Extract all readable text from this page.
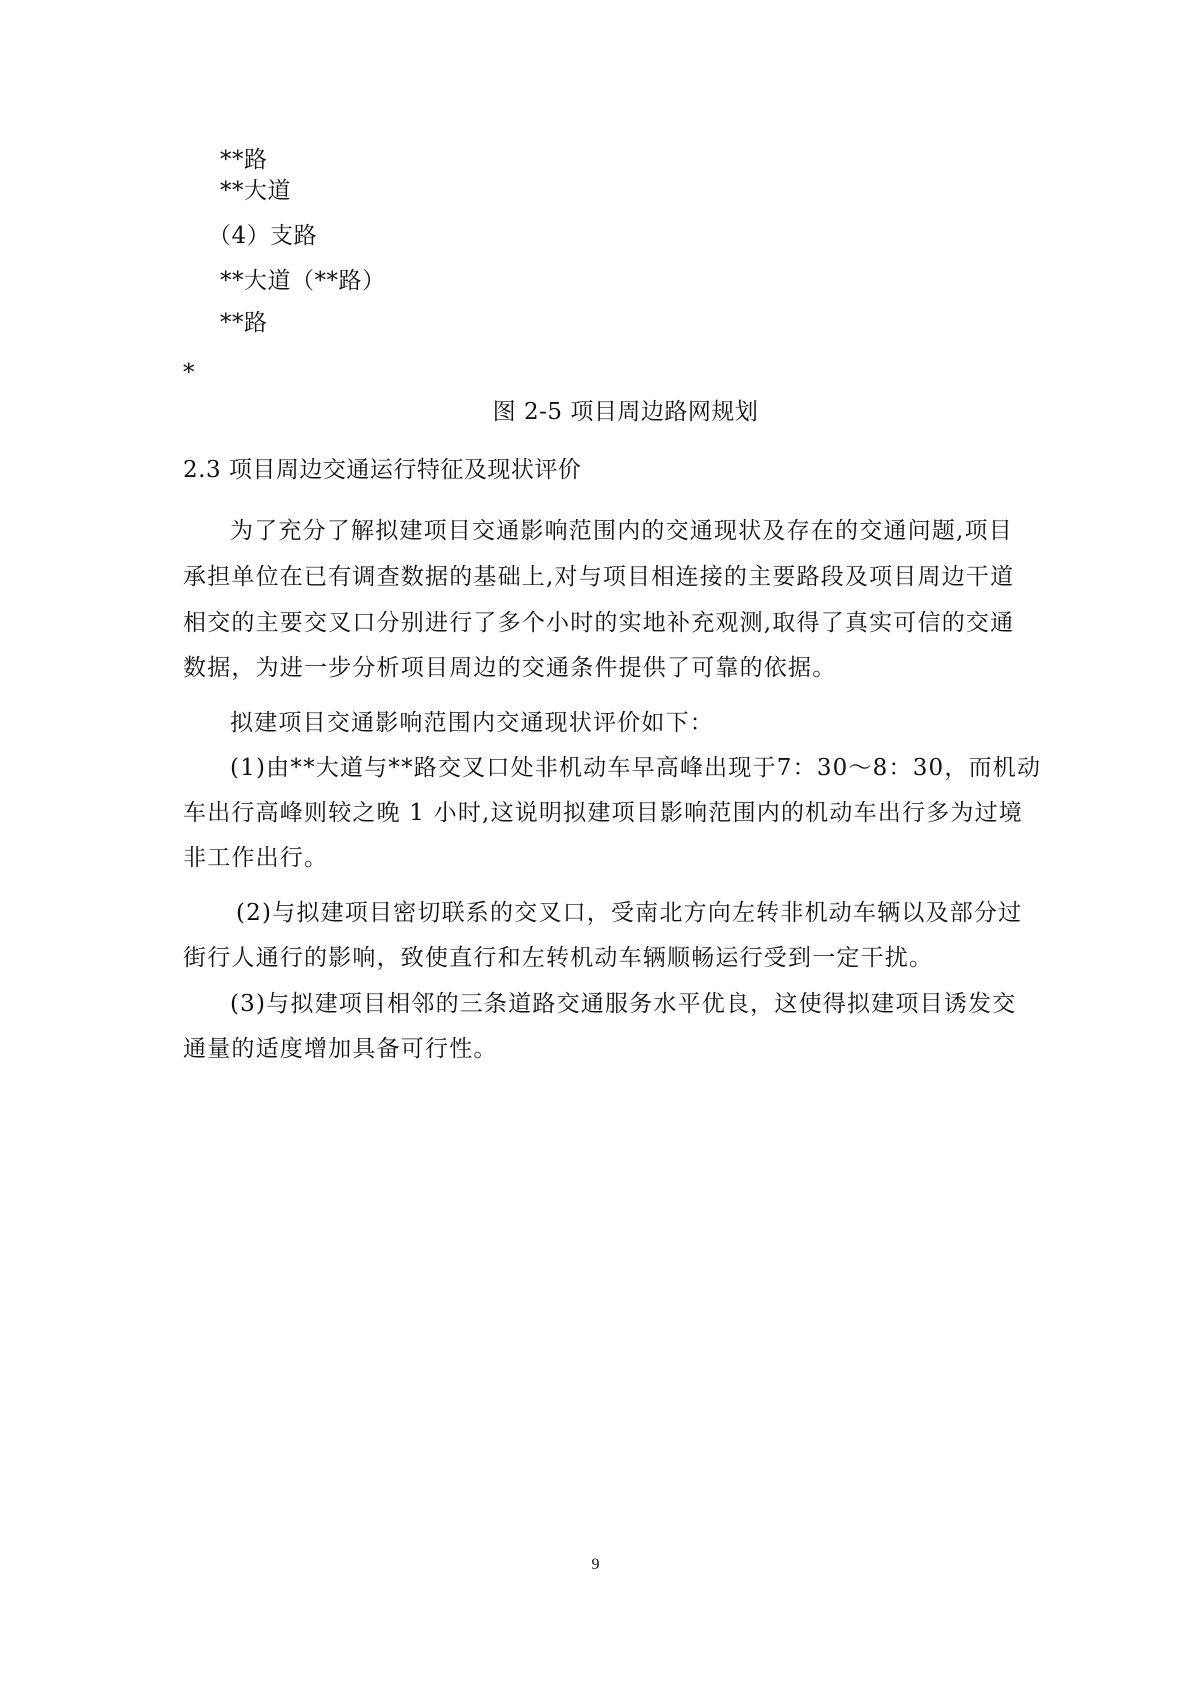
**路
**大道
（4）支路
**大道（**路）
**路
*
图 2-5 项目周边路网规划
2.3 项目周边交通运行特征及现状评价
为了充分了解拟建项目交通影响范围内的交通现状及存在的交通问题,项目
承担单位在已有调查数据的基础上,对与项目相连接的主要路段及项目周边干道
相交的主要交叉口分别进行了多个小时的实地补充观测,取得了真实可信的交通
数据，为进一步分析项目周边的交通条件提供了可靠的依据。
拟建项目交通影响范围内交通现状评价如下：
(1)由**大道与**路交叉口处非机动车早高峰出现于7：30～8：30，而机动
车出行高峰则较之晚 1 小时,这说明拟建项目影响范围内的机动车出行多为过境
非工作出行。
(2)与拟建项目密切联系的交叉口，受南北方向左转非机动车辆以及部分过
街行人通行的影响，致使直行和左转机动车辆顺畅运行受到一定干扰。
(3)与拟建项目相邻的三条道路交通服务水平优良，这使得拟建项目诱发交
通量的适度增加具备可行性。
9
